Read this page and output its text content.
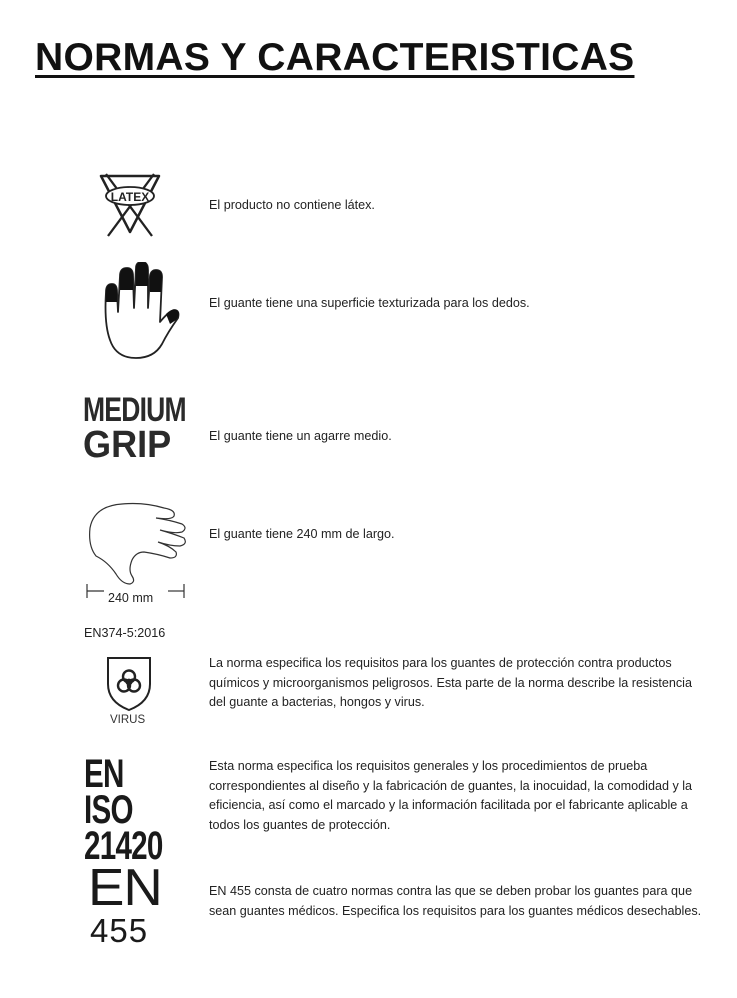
NORMAS Y CARACTERISTICAS
LATEX
El producto no contiene látex.
El guante tiene una superficie texturizada para los dedos.
MEDIUM
GRIP	El guante tiene un agarre medio.
240 mm
El guante tiene 240 mm de largo.
EN374-5:2016
VIRUS
La norma especifica los requisitos para los guantes de protección contra productos químicos y microorganismos peligrosos. Esta parte de la norma describe la resistencia del guante a bacterias, hongos y virus.
EN ISO
21420
Esta norma especifica los requisitos generales y los procedimientos de prueba correspondientes al diseño y la fabricación de guantes, la inocuidad, la comodidad y la eficiencia, así como el marcado y la información facilitada por el fabricante aplicable a todos los guantes de protección.
EN
455
EN 455 consta de cuatro normas contra las que se deben probar los guantes para que sean guantes médicos. Especifica los requisitos para los guantes médicos desechables.
